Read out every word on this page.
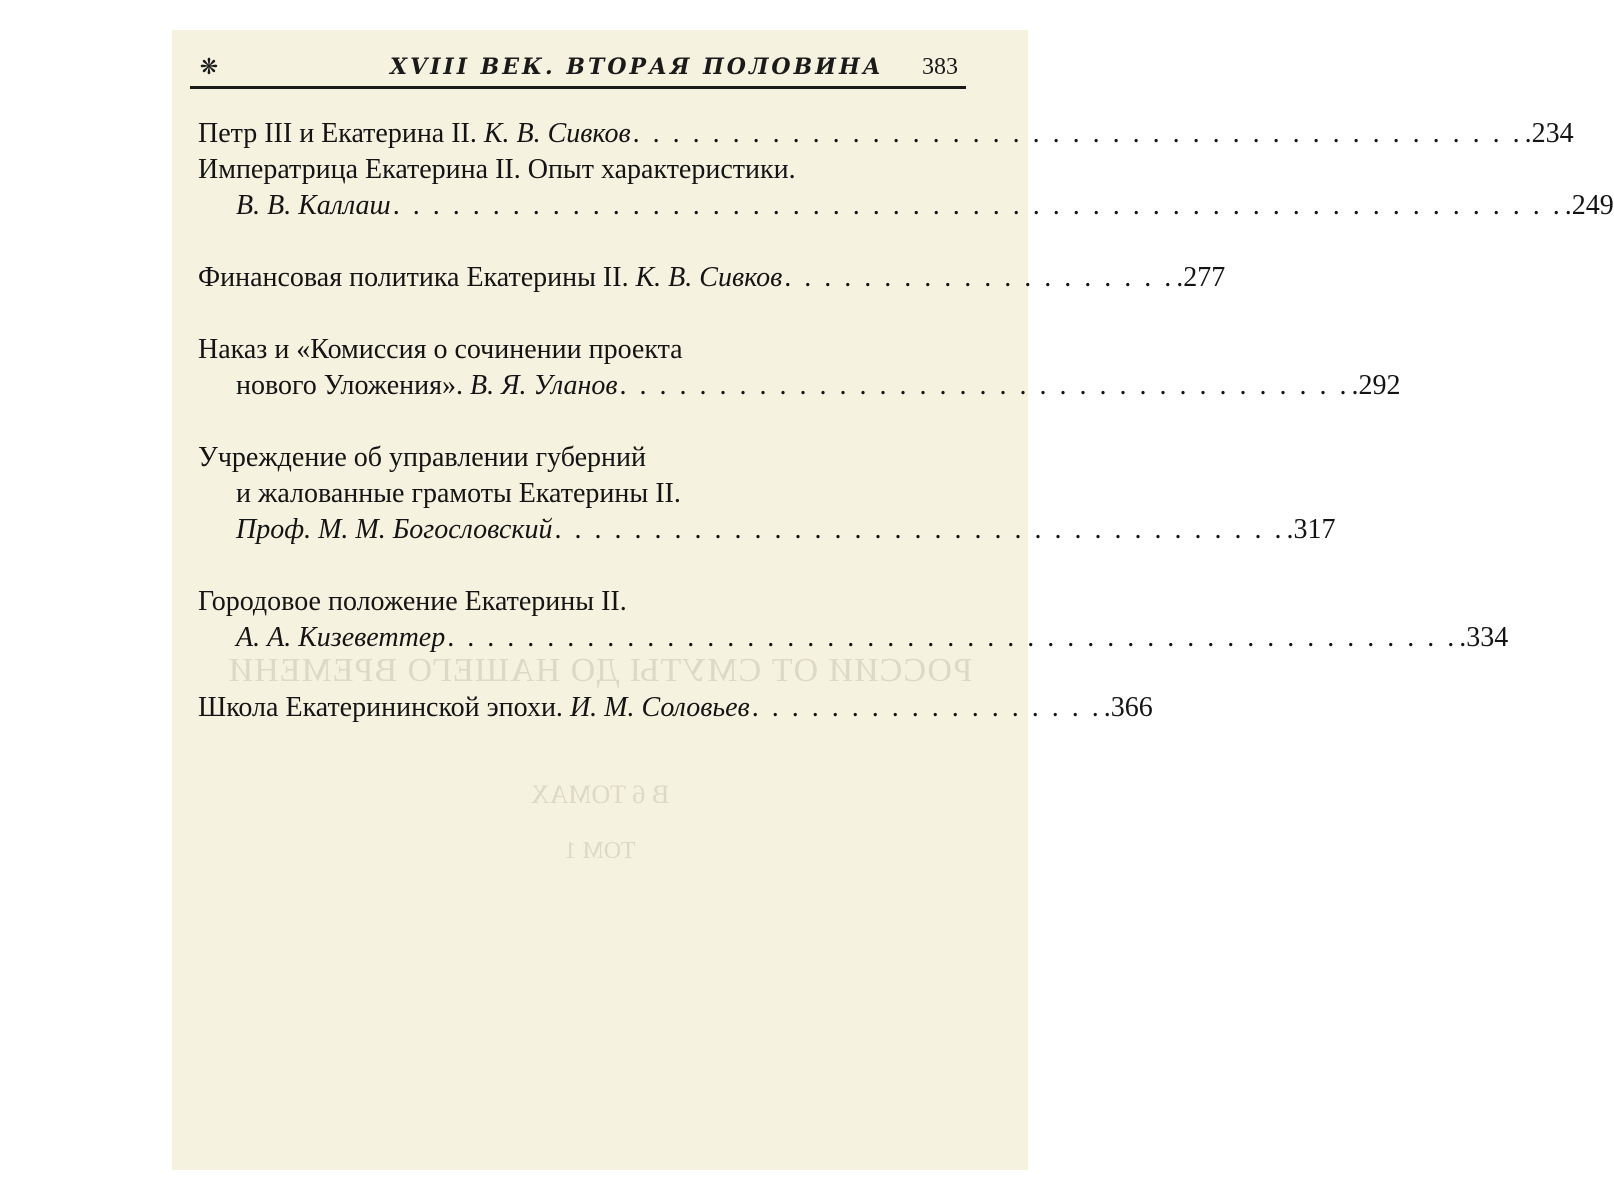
РОССИИ ОТ СМУТЫ ДО НАШЕГО ВРЕМЕНИ
В 6 ТОМАХ
ТОМ 1
❋	XVIII ВЕК. ВТОРАЯ ПОЛОВИНА 383
Петр III и Екатерина II. К. В. Сивков . . . . . . . . . . . . . . . . . . . . . . . . . . . . . . . . . . . . . . . . . . . . . .234
Императрица Екатерина II. Опыт характеристики.
В. В. Каллаш . . . . . . . . . . . . . . . . . . . . . . . . . . . . . . . . . . . . . . . . . . . . . . . . . . . . . . . . . . . .249
Финансовая политика Екатерины II. К. В. Сивков . . . . . . . . . . . . . . . . . . . . .277
Наказ и «Комиссия о сочинении проекта
нового Уложения». В. Я. Уланов . . . . . . . . . . . . . . . . . . . . . . . . . . . . . . . . . . . . . .292
Учреждение об управлении губерний
и жалованные грамоты Екатерины II.
Проф. М. М. Богословский . . . . . . . . . . . . . . . . . . . . . . . . . . . . . . . . . . . . . .317
Городовое положение Екатерины II.
А. А. Кизеветтер . . . . . . . . . . . . . . . . . . . . . . . . . . . . . . . . . . . . . . . . . . . . . . . . . . . .334
Школа Екатерининской эпохи. И. М. Соловьев . . . . . . . . . . . . . . . . . . .366
